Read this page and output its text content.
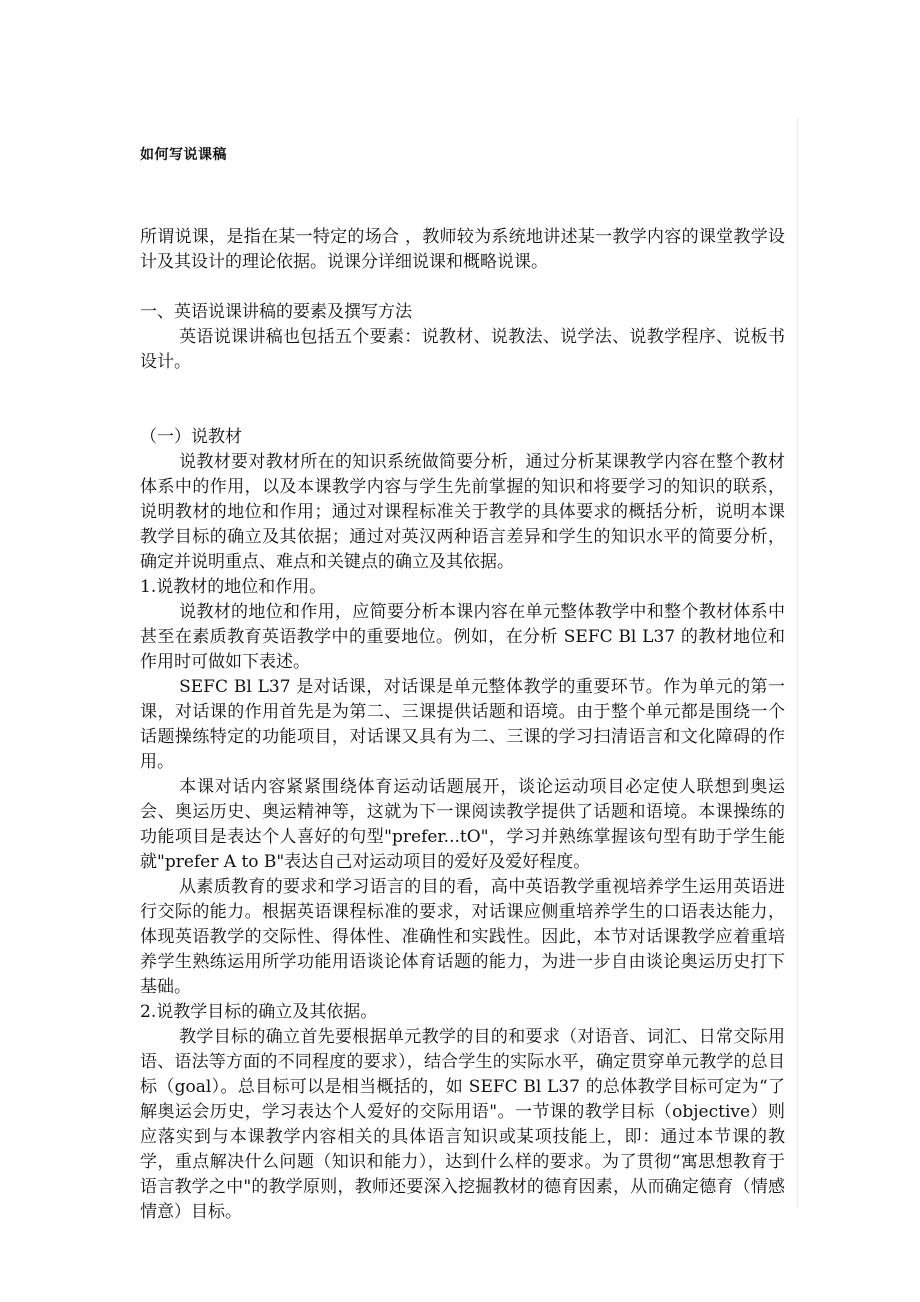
如何写说课稿

所谓说课，是指在某一特定的场合 ，教师较为系统地讲述某一教学内容的课堂教学设计及其设计的理论依据。说课分详细说课和概略说课。

一、英语说课讲稿的要素及撰写方法

英语说课讲稿也包括五个要素：说教材、说教法、说学法、说教学程序、说板书设计。

（一）说教材

说教材要对教材所在的知识系统做简要分析，通过分析某课教学内容在整个教材体系中的作用，以及本课教学内容与学生先前掌握的知识和将要学习的知识的联系，说明教材的地位和作用；通过对课程标准关于教学的具体要求的概括分析，说明本课教学目标的确立及其依据；通过对英汉两种语言差异和学生的知识水平的简要分析，确定并说明重点、难点和关键点的确立及其依据。

1.说教材的地位和作用。

说教材的地位和作用，应简要分析本课内容在单元整体教学中和整个教材体系中甚至在素质教育英语教学中的重要地位。例如，在分析 SEFC Bl L37 的教材地位和作用时可做如下表述。

SEFC Bl L37 是对话课，对话课是单元整体教学的重要环节。作为单元的第一课，对话课的作用首先是为第二、三课提供话题和语境。由于整个单元都是围绕一个话题操练特定的功能项目，对话课又具有为二、三课的学习扫清语言和文化障碍的作用。

本课对话内容紧紧围绕体育运动话题展开，谈论运动项目必定使人联想到奥运会、奥运历史、奥运精神等，这就为下一课阅读教学提供了话题和语境。本课操练的功能项目是表达个人喜好的句型"prefer...tO"，学习并熟练掌握该句型有助于学生能就"prefer A to B"表达自己对运动项目的爱好及爱好程度。

从素质教育的要求和学习语言的目的看，高中英语教学重视培养学生运用英语进行交际的能力。根据英语课程标准的要求，对话课应侧重培养学生的口语表达能力，体现英语教学的交际性、得体性、准确性和实践性。因此，本节对话课教学应着重培养学生熟练运用所学功能用语谈论体育话题的能力，为进一步自由谈论奥运历史打下基础。

2.说教学目标的确立及其依据。

教学目标的确立首先要根据单元教学的目的和要求（对语音、词汇、日常交际用语、语法等方面的不同程度的要求），结合学生的实际水平，确定贯穿单元教学的总目标（goal）。总目标可以是相当概括的，如 SEFC Bl L37 的总体教学目标可定为“了解奥运会历史，学习表达个人爱好的交际用语"。一节课的教学目标（objective）则应落实到与本课教学内容相关的具体语言知识或某项技能上，即：通过本节课的教学，重点解决什么问题（知识和能力），达到什么样的要求。为了贯彻“寓思想教育于语言教学之中"的教学原则，教师还要深入挖掘教材的德育因素，从而确定德育（情感情意）目标。
